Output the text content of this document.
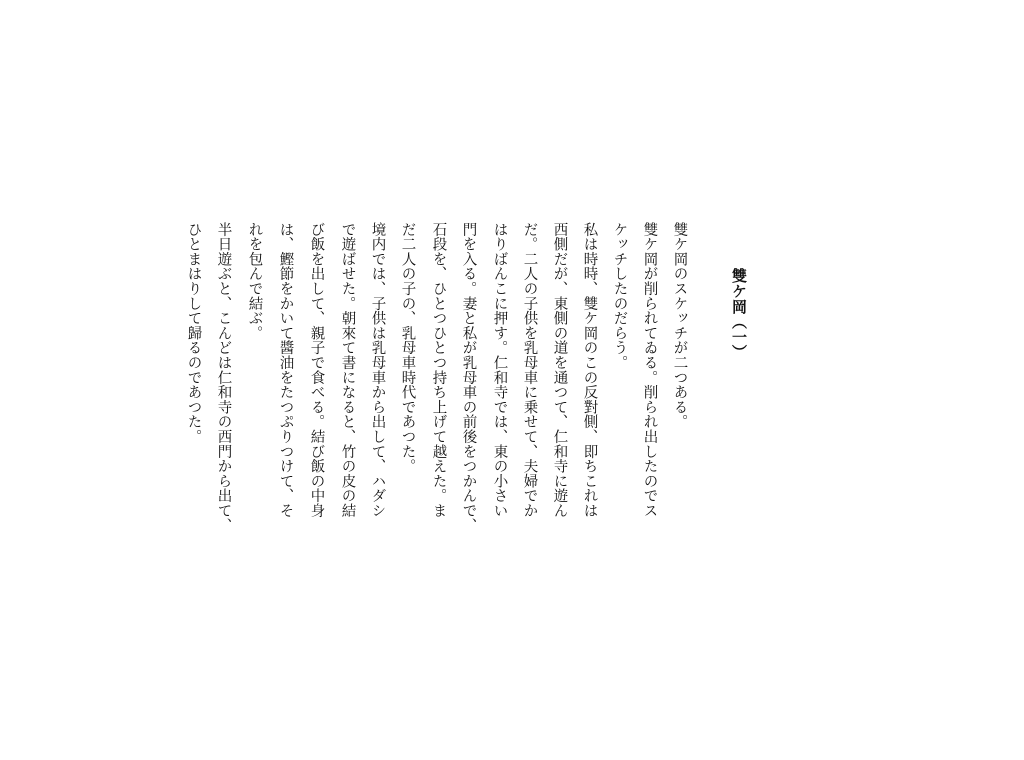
雙ケ岡（一）
雙ケ岡のスケッチが二つある。
雙ケ岡が削られてゐる。削られ出したのでス
ケッチしたのだらう。
私は時時、雙ケ岡のこの反對側、即ちこれは
西側だが、東側の道を通つて、仁和寺に遊ん
だ。二人の子供を乳母車に乗せて、夫婦でか
はりばんこに押す。仁和寺では、東の小さい
門を入る。妻と私が乳母車の前後をつかんで、
石段を、ひとつひとつ持ち上げて越えた。ま
だ二人の子の、乳母車時代であつた。
境内では、子供は乳母車から出して、ハダシ
で遊ばせた。朝來て書になると、竹の皮の結
び飯を出して、親子で食べる。結び飯の中身
は、鰹節をかいて醬油をたつぷりつけて、そ
れを包んで結ぶ。
半日遊ぶと、こんどは仁和寺の西門から出て、
ひとまはりして歸るのであつた。
